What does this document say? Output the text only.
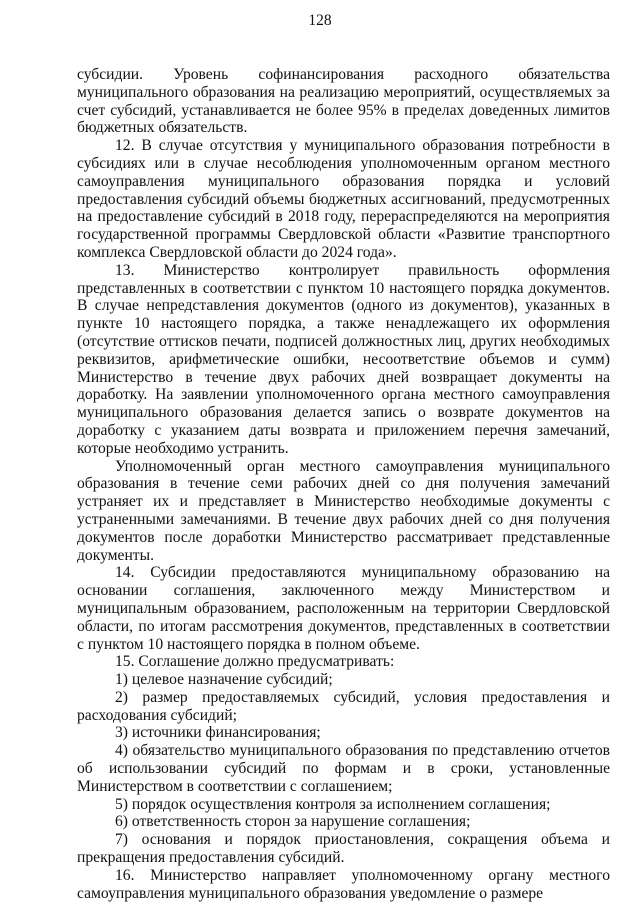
128

субсидии. Уровень софинансирования расходного обязательства муниципального образования на реализацию мероприятий, осуществляемых за счет субсидий, устанавливается не более 95% в пределах доведенных лимитов бюджетных обязательств.

12. В случае отсутствия у муниципального образования потребности в субсидиях или в случае несоблюдения уполномоченным органом местного самоуправления муниципального образования порядка и условий предоставления субсидий объемы бюджетных ассигнований, предусмотренных на предоставление субсидий в 2018 году, перераспределяются на мероприятия государственной программы Свердловской области «Развитие транспортного комплекса Свердловской области до 2024 года».

13. Министерство контролирует правильность оформления представленных в соответствии с пунктом 10 настоящего порядка документов. В случае непредставления документов (одного из документов), указанных в пункте 10 настоящего порядка, а также ненадлежащего их оформления (отсутствие оттисков печати, подписей должностных лиц, других необходимых реквизитов, арифметические ошибки, несоответствие объемов и сумм) Министерство в течение двух рабочих дней возвращает документы на доработку. На заявлении уполномоченного органа местного самоуправления муниципального образования делается запись о возврате документов на доработку с указанием даты возврата и приложением перечня замечаний, которые необходимо устранить.

Уполномоченный орган местного самоуправления муниципального образования в течение семи рабочих дней со дня получения замечаний устраняет их и представляет в Министерство необходимые документы с устраненными замечаниями. В течение двух рабочих дней со дня получения документов после доработки Министерство рассматривает представленные документы.

14. Субсидии предоставляются муниципальному образованию на основании соглашения, заключенного между Министерством и муниципальным образованием, расположенным на территории Свердловской области, по итогам рассмотрения документов, представленных в соответствии с пунктом 10 настоящего порядка в полном объеме.

15. Соглашение должно предусматривать:

1) целевое назначение субсидий;

2) размер предоставляемых субсидий, условия предоставления и расходования субсидий;

3) источники финансирования;

4) обязательство муниципального образования по представлению отчетов об использовании субсидий по формам и в сроки, установленные Министерством в соответствии с соглашением;

5) порядок осуществления контроля за исполнением соглашения;

6) ответственность сторон за нарушение соглашения;

7) основания и порядок приостановления, сокращения объема и прекращения предоставления субсидий.

16. Министерство направляет уполномоченному органу местного самоуправления муниципального образования уведомление о размере
